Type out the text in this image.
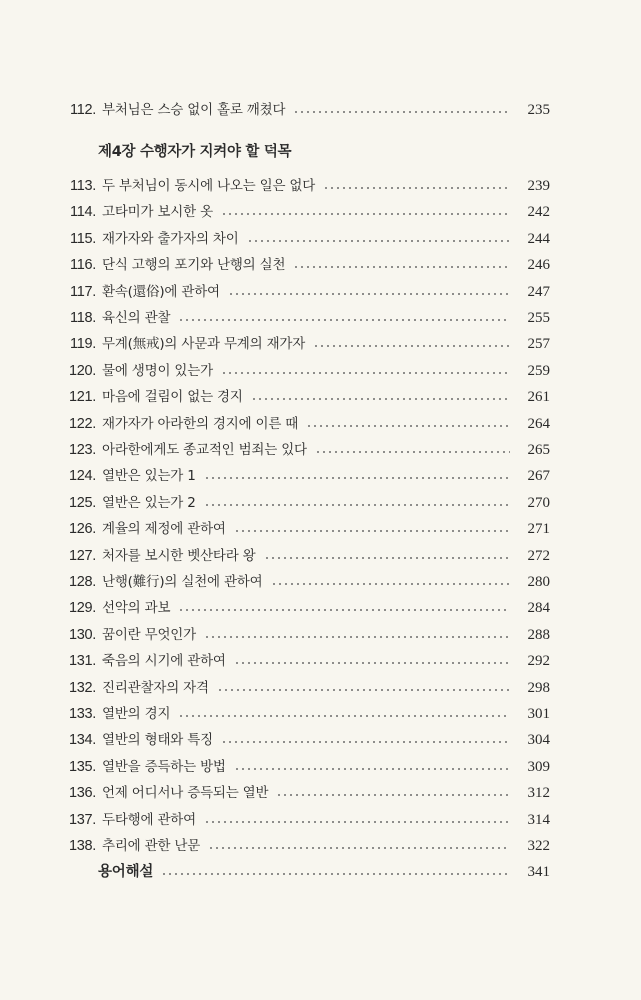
112. 부처님은 스승 없이 홀로 깨쳤다	235
제4장 수행자가 지켜야 할 덕목
113. 두 부처님이 동시에 나오는 일은 없다	239
114. 고타미가 보시한 옷	242
115. 재가자와 출가자의 차이	244
116. 단식 고행의 포기와 난행의 실천	246
117. 환속(還俗)에 관하여	247
118. 육신의 관찰	255
119. 무계(無戒)의 사문과 무계의 재가자	257
120. 물에 생명이 있는가	259
121. 마음에 걸림이 없는 경지	261
122. 재가자가 아라한의 경지에 이른 때	264
123. 아라한에게도 종교적인 범죄는 있다	265
124. 열반은 있는가 1	267
125. 열반은 있는가 2	270
126. 계율의 제정에 관하여	271
127. 처자를 보시한 벳산타라 왕	272
128. 난행(難行)의 실천에 관하여	280
129. 선악의 과보	284
130. 꿈이란 무엇인가	288
131. 죽음의 시기에 관하여	292
132. 진리관찰자의 자격	298
133. 열반의 경지	301
134. 열반의 형태와 특징	304
135. 열반을 증득하는 방법	309
136. 언제 어디서나 증득되는 열반	312
137. 두타행에 관하여	314
138. 추리에 관한 난문	322
용어해설	341
